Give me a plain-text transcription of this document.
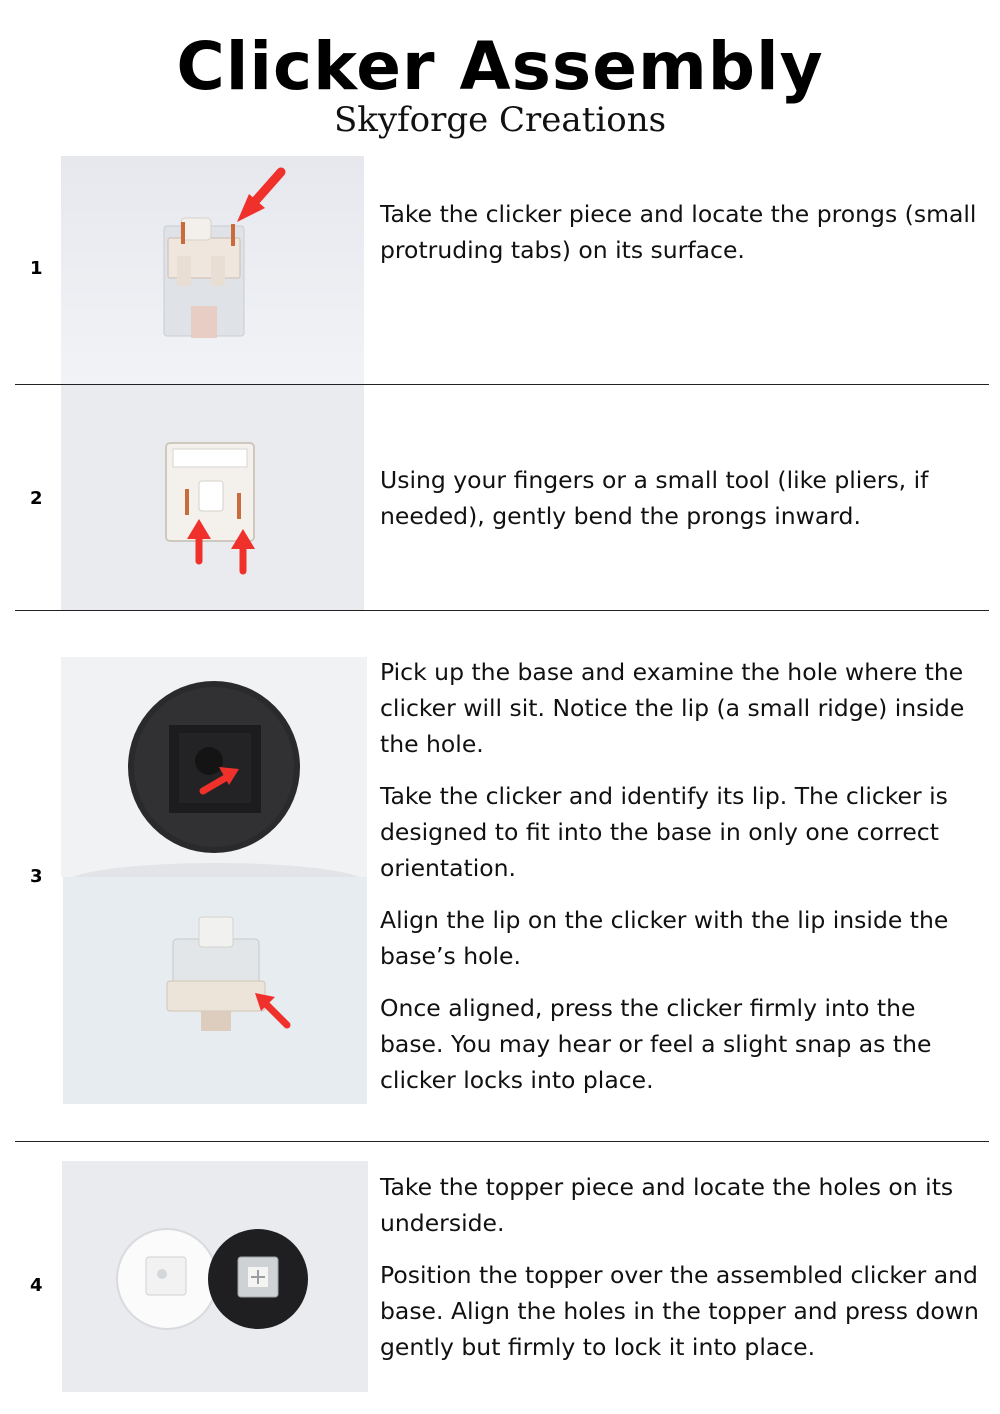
Clicker Assembly
Skyforge Creations
1

Take the clicker piece and locate the prongs (small protruding tabs) on its surface.

2

Using your fingers or a small tool (like pliers, if needed), gently bend the prongs inward.

3

Pick up the base and examine the hole where the clicker will sit. Notice the lip (a small ridge) inside the hole.

Take the clicker and identify its lip. The clicker is designed to fit into the base in only one correct orientation.

Align the lip on the clicker with the lip inside the base’s hole.

Once aligned, press the clicker firmly into the base. You may hear or feel a slight snap as the clicker locks into place.

4

Take the topper piece and locate the holes on its underside.

Position the topper over the assembled clicker and base. Align the holes in the topper and press down gently but firmly to lock it into place.
